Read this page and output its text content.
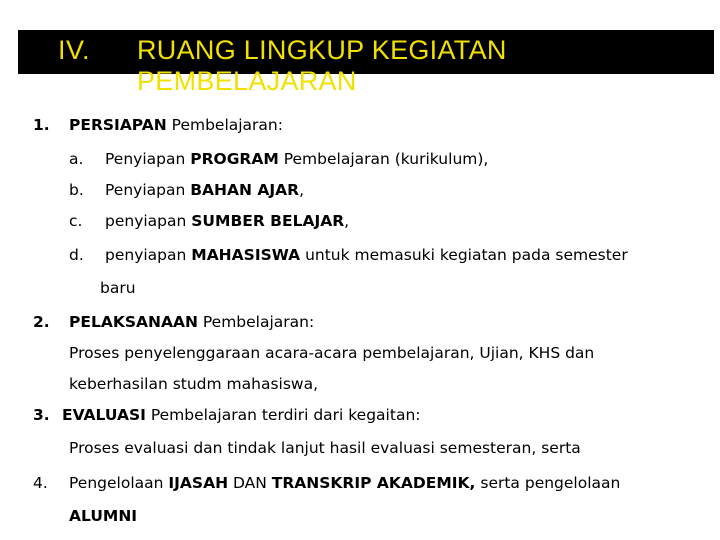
IV. RUANG LINGKUP KEGIATAN PEMBELAJARAN
1. PERSIAPAN Pembelajaran:
a. Penyiapan PROGRAM Pembelajaran (kurikulum),
b. Penyiapan BAHAN AJAR,
c. penyiapan SUMBER BELAJAR,
d. penyiapan MAHASISWA untuk memasuki kegiatan pada semester
baru
2. PELAKSANAAN Pembelajaran:
Proses penyelenggaraan acara-acara pembelajaran, Ujian, KHS dan
keberhasilan studm mahasiswa,
3. EVALUASI Pembelajaran terdiri dari kegaitan:
Proses evaluasi dan tindak lanjut hasil evaluasi semesteran, serta
4. Pengelolaan IJASAH DAN TRANSKRIP AKADEMIK, serta pengelolaan
ALUMNI
